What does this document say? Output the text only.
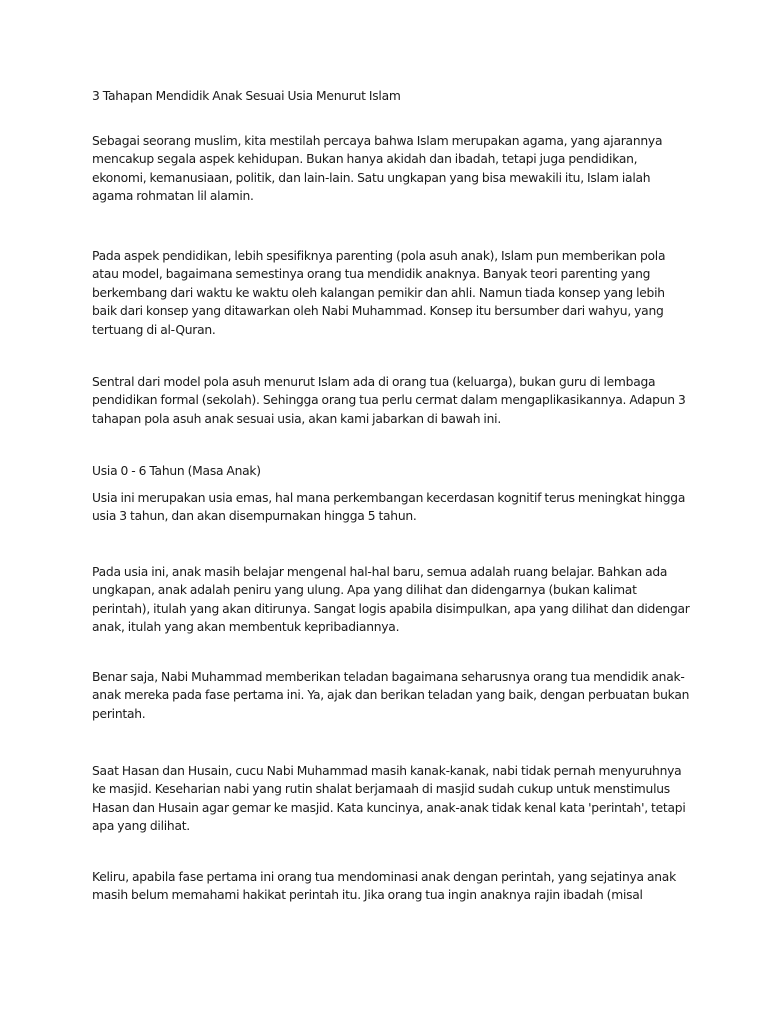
3 Tahapan Mendidik Anak Sesuai Usia Menurut Islam

Sebagai seorang muslim, kita mestilah percaya bahwa Islam merupakan agama, yang ajarannya
mencakup segala aspek kehidupan. Bukan hanya akidah dan ibadah, tetapi juga pendidikan,
ekonomi, kemanusiaan, politik, dan lain-lain. Satu ungkapan yang bisa mewakili itu, Islam ialah
agama rohmatan lil alamin.

Pada aspek pendidikan, lebih spesifiknya parenting (pola asuh anak), Islam pun memberikan pola
atau model, bagaimana semestinya orang tua mendidik anaknya. Banyak teori parenting yang
berkembang dari waktu ke waktu oleh kalangan pemikir dan ahli. Namun tiada konsep yang lebih
baik dari konsep yang ditawarkan oleh Nabi Muhammad. Konsep itu bersumber dari wahyu, yang
tertuang di al-Quran.

Sentral dari model pola asuh menurut Islam ada di orang tua (keluarga), bukan guru di lembaga
pendidikan formal (sekolah). Sehingga orang tua perlu cermat dalam mengaplikasikannya. Adapun 3
tahapan pola asuh anak sesuai usia, akan kami jabarkan di bawah ini.

Usia 0 - 6 Tahun (Masa Anak)

Usia ini merupakan usia emas, hal mana perkembangan kecerdasan kognitif terus meningkat hingga
usia 3 tahun, dan akan disempurnakan hingga 5 tahun.

Pada usia ini, anak masih belajar mengenal hal-hal baru, semua adalah ruang belajar. Bahkan ada
ungkapan, anak adalah peniru yang ulung. Apa yang dilihat dan didengarnya (bukan kalimat
perintah), itulah yang akan ditirunya. Sangat logis apabila disimpulkan, apa yang dilihat dan didengar
anak, itulah yang akan membentuk kepribadiannya.

Benar saja, Nabi Muhammad memberikan teladan bagaimana seharusnya orang tua mendidik anak-
anak mereka pada fase pertama ini. Ya, ajak dan berikan teladan yang baik, dengan perbuatan bukan
perintah.

Saat Hasan dan Husain, cucu Nabi Muhammad masih kanak-kanak, nabi tidak pernah menyuruhnya
ke masjid. Keseharian nabi yang rutin shalat berjamaah di masjid sudah cukup untuk menstimulus
Hasan dan Husain agar gemar ke masjid. Kata kuncinya, anak-anak tidak kenal kata 'perintah', tetapi
apa yang dilihat.

Keliru, apabila fase pertama ini orang tua mendominasi anak dengan perintah, yang sejatinya anak
masih belum memahami hakikat perintah itu. Jika orang tua ingin anaknya rajin ibadah (misal
